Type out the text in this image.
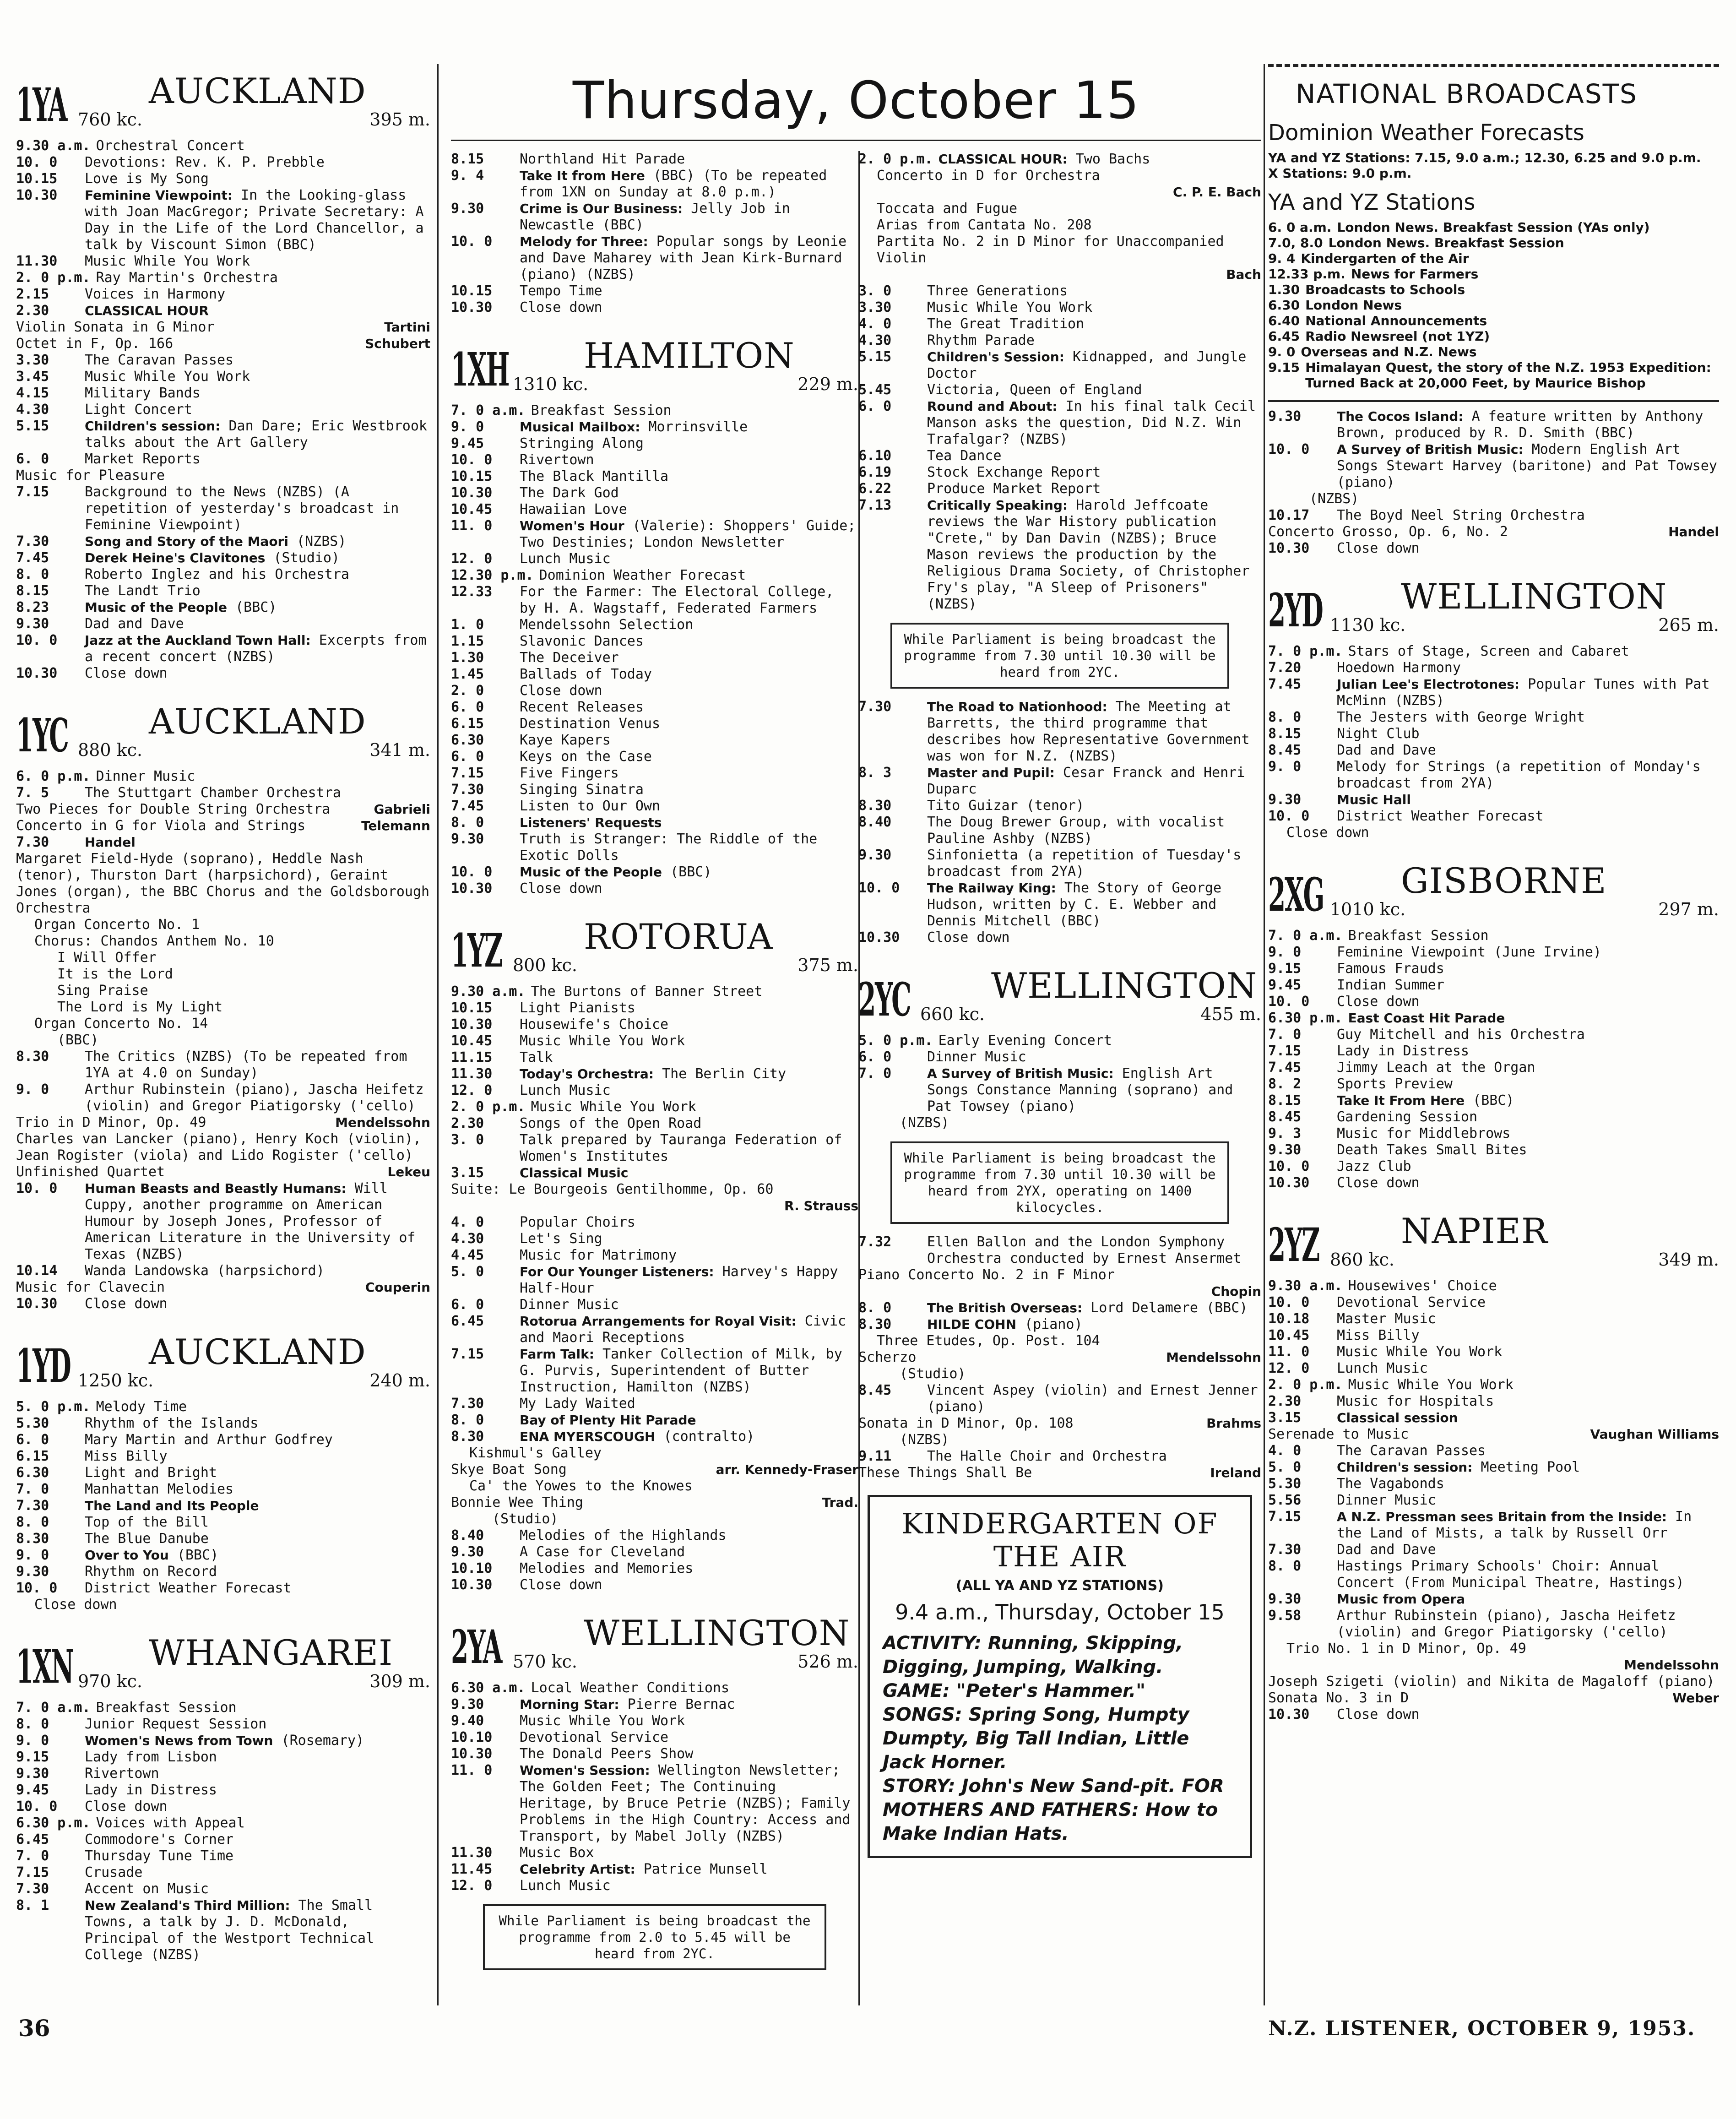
Thursday, October 15
1YA 760 kc.
AUCKLAND
395 m.
9.30 a.m. Orchestral Concert
10. 0	Devotions: Rev. K. P. Prebble
10.15	Love is My Song
10.30	Feminine Viewpoint: In the Looking-glass with Joan MacGregor; Private Secretary: A Day in the Life of the Lord Chancellor, a talk by Viscount Simon (BBC)
11.30	Music While You Work
2. 0 p.m. Ray Martin's Orchestra
2.15	Voices in Harmony
2.30	CLASSICAL HOUR
Violin Sonata in G Minor	Tartini
Octet in F, Op. 166	Schubert
3.30	The Caravan Passes
3.45	Music While You Work
4.15	Military Bands
4.30	Light Concert
5.15	Children's session: Dan Dare; Eric Westbrook talks about the Art Gallery
6. 0	Market Reports
Music for Pleasure
7.15	Background to the News (NZBS) (A repetition of yesterday's broadcast in Feminine Viewpoint)
7.30	Song and Story of the Maori (NZBS)
7.45	Derek Heine's Clavitones (Studio)
8. 0	Roberto Inglez and his Orchestra
8.15	The Landt Trio
8.23	Music of the People (BBC)
9.30	Dad and Dave
10. 0	Jazz at the Auckland Town Hall: Excerpts from a recent concert (NZBS)
10.30	Close down
1YC 880 kc.
AUCKLAND
341 m.
6. 0 p.m. Dinner Music
7. 5	The Stuttgart Chamber Orchestra
Two Pieces for Double String Orchestra	Gabrieli
Concerto in G for Viola and Strings	Telemann
7.30	Handel
Margaret Field-Hyde (soprano), Heddle Nash (tenor), Thurston Dart (harpsichord), Geraint Jones (organ), the BBC Chorus and the Goldsborough Orchestra
Organ Concerto No. 1
Chorus: Chandos Anthem No. 10
I Will Offer
It is the Lord
Sing Praise
The Lord is My Light
Organ Concerto No. 14
(BBC)
8.30	The Critics (NZBS) (To be repeated from 1YA at 4.0 on Sunday)
9. 0	Arthur Rubinstein (piano), Jascha Heifetz (violin) and Gregor Piatigorsky ('cello)
Trio in D Minor, Op. 49	Mendelssohn
Charles van Lancker (piano), Henry Koch (violin), Jean Rogister (viola) and Lido Rogister ('cello)
Unfinished Quartet	Lekeu
10. 0	Human Beasts and Beastly Humans: Will Cuppy, another programme on American Humour by Joseph Jones, Professor of American Literature in the University of Texas (NZBS)
10.14	Wanda Landowska (harpsichord)
Music for Clavecin	Couperin
10.30	Close down
1YD 1250 kc.
AUCKLAND
240 m.
5. 0 p.m. Melody Time
5.30	Rhythm of the Islands
6. 0	Mary Martin and Arthur Godfrey
6.15	Miss Billy
6.30	Light and Bright
7. 0	Manhattan Melodies
7.30	The Land and Its People
8. 0	Top of the Bill
8.30	The Blue Danube
9. 0	Over to You (BBC)
9.30	Rhythm on Record
10. 0	District Weather Forecast
Close down
1XN 970 kc.
WHANGAREI
309 m.
7. 0 a.m. Breakfast Session
8. 0	Junior Request Session
9. 0	Women's News from Town (Rosemary)
9.15	Lady from Lisbon
9.30	Rivertown
9.45	Lady in Distress
10. 0	Close down
6.30 p.m. Voices with Appeal
6.45	Commodore's Corner
7. 0	Thursday Tune Time
7.15	Crusade
7.30	Accent on Music
8. 1	New Zealand's Third Million: The Small Towns, a talk by J. D. McDonald, Principal of the Westport Technical College (NZBS)
8.15	Northland Hit Parade
9. 4	Take It from Here (BBC) (To be repeated from 1XN on Sunday at 8.0 p.m.)
9.30	Crime is Our Business: Jelly Job in Newcastle (BBC)
10. 0	Melody for Three: Popular songs by Leonie and Dave Maharey with Jean Kirk-Burnard (piano) (NZBS)
10.15	Tempo Time
10.30	Close down
1XH 1310 kc.
HAMILTON
229 m.
7. 0 a.m. Breakfast Session
9. 0	Musical Mailbox: Morrinsville
9.45	Stringing Along
10. 0	Rivertown
10.15	The Black Mantilla
10.30	The Dark God
10.45	Hawaiian Love
11. 0	Women's Hour (Valerie): Shoppers' Guide; Two Destinies; London Newsletter
12. 0	Lunch Music
12.30 p.m. Dominion Weather Forecast
12.33	For the Farmer: The Electoral College, by H. A. Wagstaff, Federated Farmers
1. 0	Mendelssohn Selection
1.15	Slavonic Dances
1.30	The Deceiver
1.45	Ballads of Today
2. 0	Close down
6. 0	Recent Releases
6.15	Destination Venus
6.30	Kaye Kapers
6. 0	Keys on the Case
7.15	Five Fingers
7.30	Singing Sinatra
7.45	Listen to Our Own
8. 0	Listeners' Requests
9.30	Truth is Stranger: The Riddle of the Exotic Dolls
10. 0	Music of the People (BBC)
10.30	Close down
1YZ 800 kc.
ROTORUA
375 m.
9.30 a.m. The Burtons of Banner Street
10.15	Light Pianists
10.30	Housewife's Choice
10.45	Music While You Work
11.15	Talk
11.30	Today's Orchestra: The Berlin City
12. 0	Lunch Music
2. 0 p.m. Music While You Work
2.30	Songs of the Open Road
3. 0	Talk prepared by Tauranga Federation of Women's Institutes
3.15	Classical Music
Suite: Le Bourgeois Gentilhomme, Op. 60
R. Strauss
4. 0	Popular Choirs
4.30	Let's Sing
4.45	Music for Matrimony
5. 0	For Our Younger Listeners: Harvey's Happy Half-Hour
6. 0	Dinner Music
6.45	Rotorua Arrangements for Royal Visit: Civic and Maori Receptions
7.15	Farm Talk: Tanker Collection of Milk, by G. Purvis, Superintendent of Butter Instruction, Hamilton (NZBS)
7.30	My Lady Waited
8. 0	Bay of Plenty Hit Parade
8.30	ENA MYERSCOUGH (contralto)
Kishmul's Galley
Skye Boat Song	arr. Kennedy-Fraser
Ca' the Yowes to the Knowes
Bonnie Wee Thing	Trad.
(Studio)
8.40	Melodies of the Highlands
9.30	A Case for Cleveland
10.10	Melodies and Memories
10.30	Close down
2YA 570 kc.
WELLINGTON
526 m.
6.30 a.m. Local Weather Conditions
9.30	Morning Star: Pierre Bernac
9.40	Music While You Work
10.10	Devotional Service
10.30	The Donald Peers Show
11. 0	Women's Session: Wellington Newsletter; The Golden Feet; The Continuing Heritage, by Bruce Petrie (NZBS); Family Problems in the High Country: Access and Transport, by Mabel Jolly (NZBS)
11.30	Music Box
11.45	Celebrity Artist: Patrice Munsell
12. 0	Lunch Music
While Parliament is being broadcast the programme from 2.0 to 5.45 will be heard from 2YC.
2. 0 p.m. CLASSICAL HOUR: Two Bachs
Concerto in D for Orchestra
C. P. E. Bach
Toccata and Fugue
Arias from Cantata No. 208
Partita No. 2 in D Minor for Unaccompanied Violin
Bach
3. 0	Three Generations
3.30	Music While You Work
4. 0	The Great Tradition
4.30	Rhythm Parade
5.15	Children's Session: Kidnapped, and Jungle Doctor
5.45	Victoria, Queen of England
6. 0	Round and About: In his final talk Cecil Manson asks the question, Did N.Z. Win Trafalgar? (NZBS)
6.10	Tea Dance
6.19	Stock Exchange Report
6.22	Produce Market Report
7.13	Critically Speaking: Harold Jeffcoate reviews the War History publication "Crete," by Dan Davin (NZBS); Bruce Mason reviews the production by the Religious Drama Society, of Christopher Fry's play, "A Sleep of Prisoners" (NZBS)
While Parliament is being broadcast the programme from 7.30 until 10.30 will be heard from 2YC.
7.30	The Road to Nationhood: The Meeting at Barretts, the third programme that describes how Representative Government was won for N.Z. (NZBS)
8. 3	Master and Pupil: Cesar Franck and Henri Duparc
8.30	Tito Guizar (tenor)
8.40	The Doug Brewer Group, with vocalist Pauline Ashby (NZBS)
9.30	Sinfonietta (a repetition of Tuesday's broadcast from 2YA)
10. 0	The Railway King: The Story of George Hudson, written by C. E. Webber and Dennis Mitchell (BBC)
10.30	Close down
2YC 660 kc.
WELLINGTON
455 m.
5. 0 p.m. Early Evening Concert
6. 0	Dinner Music
7. 0	A Survey of British Music: English Art Songs Constance Manning (soprano) and Pat Towsey (piano)
(NZBS)
While Parliament is being broadcast the programme from 7.30 until 10.30 will be heard from 2YX, operating on 1400 kilocycles.
7.32	Ellen Ballon and the London Symphony Orchestra conducted by Ernest Ansermet
Piano Concerto No. 2 in F Minor
Chopin
8. 0	The British Overseas: Lord Delamere (BBC)
8.30	HILDE COHN (piano)
Three Etudes, Op. Post. 104
Scherzo	Mendelssohn
(Studio)
8.45	Vincent Aspey (violin) and Ernest Jenner (piano)
Sonata in D Minor, Op. 108	Brahms
(NZBS)
9.11	The Halle Choir and Orchestra
These Things Shall Be	Ireland
KINDERGARTEN OF THE AIR
(ALL YA AND YZ STATIONS)
9.4 a.m., Thursday, October 15
ACTIVITY: Running, Skipping, Digging, Jumping, Walking.
GAME: "Peter's Hammer."
SONGS: Spring Song, Humpty Dumpty, Big Tall Indian, Little Jack Horner.
STORY: John's New Sand-pit. FOR MOTHERS AND FATHERS: How to Make Indian Hats.
NATIONAL BROADCASTS
Dominion Weather Forecasts
YA and YZ Stations: 7.15, 9.0 a.m.; 12.30, 6.25 and 9.0 p.m.
X Stations: 9.0 p.m.
YA and YZ Stations
6. 0 a.m. London News. Breakfast Session (YAs only)
7.0, 8.0 London News. Breakfast Session
9. 4 Kindergarten of the Air
12.33 p.m. News for Farmers
1.30 Broadcasts to Schools
6.30 London News
6.40 National Announcements
6.45 Radio Newsreel (not 1YZ)
9. 0 Overseas and N.Z. News
9.15 Himalayan Quest, the story of the N.Z. 1953 Expedition: Turned Back at 20,000 Feet, by Maurice Bishop
9.30	The Cocos Island: A feature written by Anthony Brown, produced by R. D. Smith (BBC)
10. 0	A Survey of British Music: Modern English Art Songs Stewart Harvey (baritone) and Pat Towsey (piano)
(NZBS)
10.17	The Boyd Neel String Orchestra
Concerto Grosso, Op. 6, No. 2	Handel
10.30	Close down
2YD 1130 kc.
WELLINGTON
265 m.
7. 0 p.m. Stars of Stage, Screen and Cabaret
7.20	Hoedown Harmony
7.45	Julian Lee's Electrotones: Popular Tunes with Pat McMinn (NZBS)
8. 0	The Jesters with George Wright
8.15	Night Club
8.45	Dad and Dave
9. 0	Melody for Strings (a repetition of Monday's broadcast from 2YA)
9.30	Music Hall
10. 0	District Weather Forecast
Close down
2XG 1010 kc.
GISBORNE
297 m.
7. 0 a.m. Breakfast Session
9. 0	Feminine Viewpoint (June Irvine)
9.15	Famous Frauds
9.45	Indian Summer
10. 0	Close down
6.30 p.m. East Coast Hit Parade
7. 0	Guy Mitchell and his Orchestra
7.15	Lady in Distress
7.45	Jimmy Leach at the Organ
8. 2	Sports Preview
8.15	Take It From Here (BBC)
8.45	Gardening Session
9. 3	Music for Middlebrows
9.30	Death Takes Small Bites
10. 0	Jazz Club
10.30	Close down
2YZ 860 kc.
NAPIER
349 m.
9.30 a.m. Housewives' Choice
10. 0	Devotional Service
10.18	Master Music
10.45	Miss Billy
11. 0	Music While You Work
12. 0	Lunch Music
2. 0 p.m. Music While You Work
2.30	Music for Hospitals
3.15	Classical session
Serenade to Music	Vaughan Williams
4. 0	The Caravan Passes
5. 0	Children's session: Meeting Pool
5.30	The Vagabonds
5.56	Dinner Music
7.15	A N.Z. Pressman sees Britain from the Inside: In the Land of Mists, a talk by Russell Orr
7.30	Dad and Dave
8. 0	Hastings Primary Schools' Choir: Annual Concert (From Municipal Theatre, Hastings)
9.30	Music from Opera
9.58	Arthur Rubinstein (piano), Jascha Heifetz (violin) and Gregor Piatigorsky ('cello)
Trio No. 1 in D Minor, Op. 49
Mendelssohn
Joseph Szigeti (violin) and Nikita de Magaloff (piano)
Sonata No. 3 in D	Weber
10.30	Close down
36	N.Z. LISTENER, OCTOBER 9, 1953.
